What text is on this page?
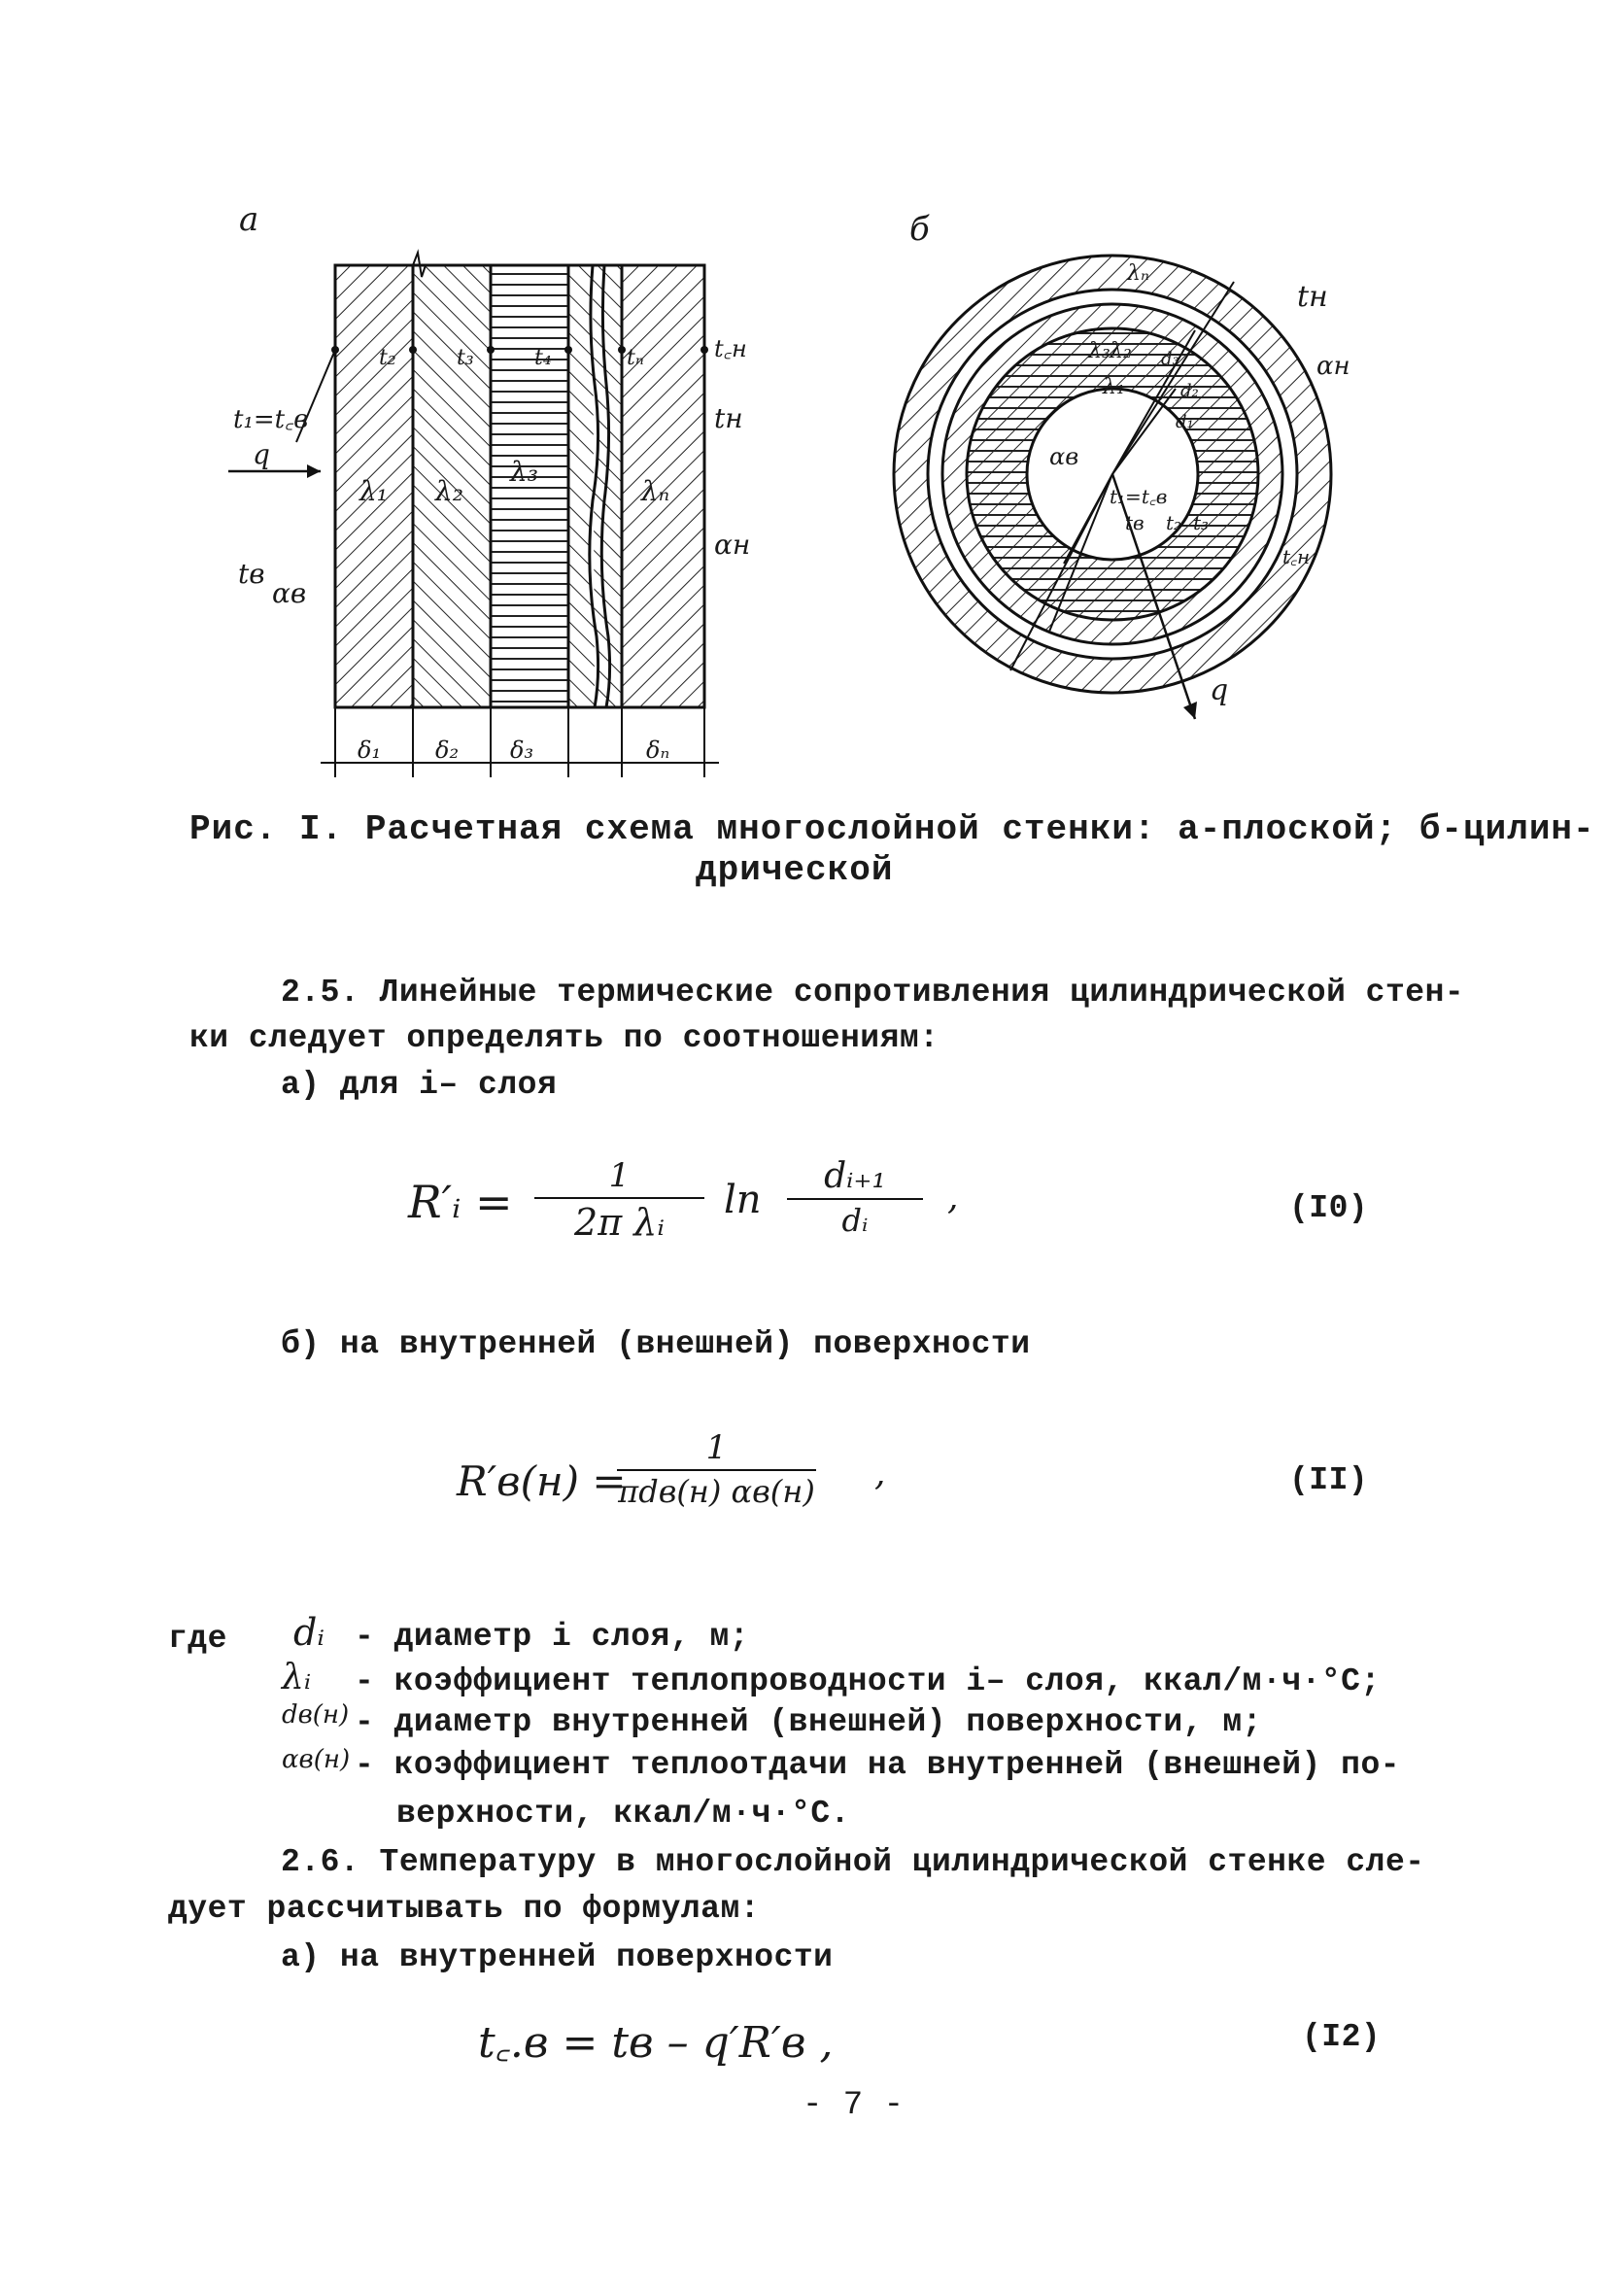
а	б
λ₁ λ₂
λ₃
λₙ
t₁=t꜀в
q
tв
αв
t₂	t₃	t₄	tₙ	t꜀н
tн
αн
δ₁ δ₂ δ₃	δₙ
tн
αн
λₙ
λ₃ λ₂
λ₁
d₁
d₂
d₃
αв
t₁=t꜀в
tв t₂ t₃
t꜀н
q
Рис. I. Расчетная схема многослойной стенки: а-плоской; б-цилин-
дрической
2.5. Линейные термические сопротивления цилиндрической стен-
ки следует определять по соотношениям:
а) для i– слоя
R′ᵢ =	1
2π λᵢ	ln
dᵢ₊₁
dᵢ
,	(I0)
б) на внутренней (внешней) поверхности
R′в(н) =
1
πdв(н) αв(н) ,	(II)
где dᵢ - диаметр i слоя, м;
λᵢ - коэффициент теплопроводности i– слоя, ккал/м·ч·°С;
dв(н) - диаметр внутренней (внешней) поверхности, м;
αв(н) - коэффициент теплоотдачи на внутренней (внешней) по-
верхности, ккал/м·ч·°С.
2.6. Температуру в многослойной цилиндрической стенке сле-
дует рассчитывать по формулам:
а) на внутренней поверхности
t꜀.в = tв – q′R′в ,	(I2)
- 7 -
